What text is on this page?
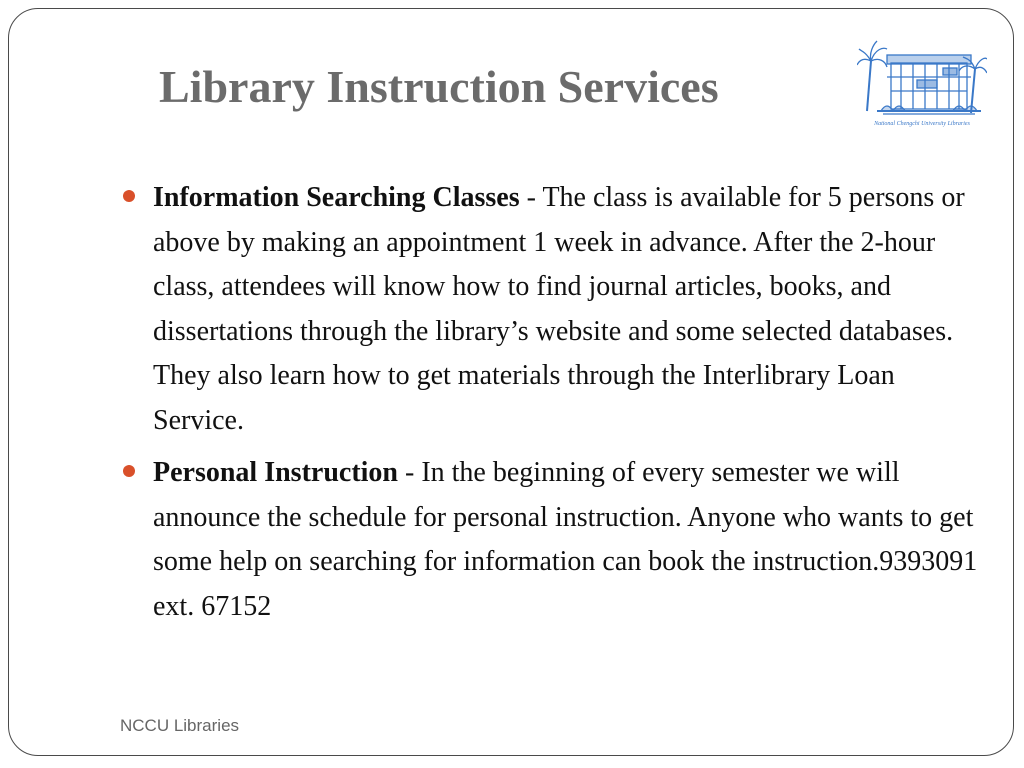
Library Instruction Services
National Chengchi University Libraries
Information Searching Classes - The class is available for 5 persons or above by making an appointment 1 week in advance. After the 2-hour class, attendees will know how to find journal articles, books, and dissertations through the library’s website and some selected databases. They also learn how to get materials through the Interlibrary Loan Service.
Personal Instruction - In the beginning of every semester we will announce the schedule for personal instruction. Anyone who wants to get some help on searching for information can book the instruction.9393091 ext. 67152

NCCU Libraries
